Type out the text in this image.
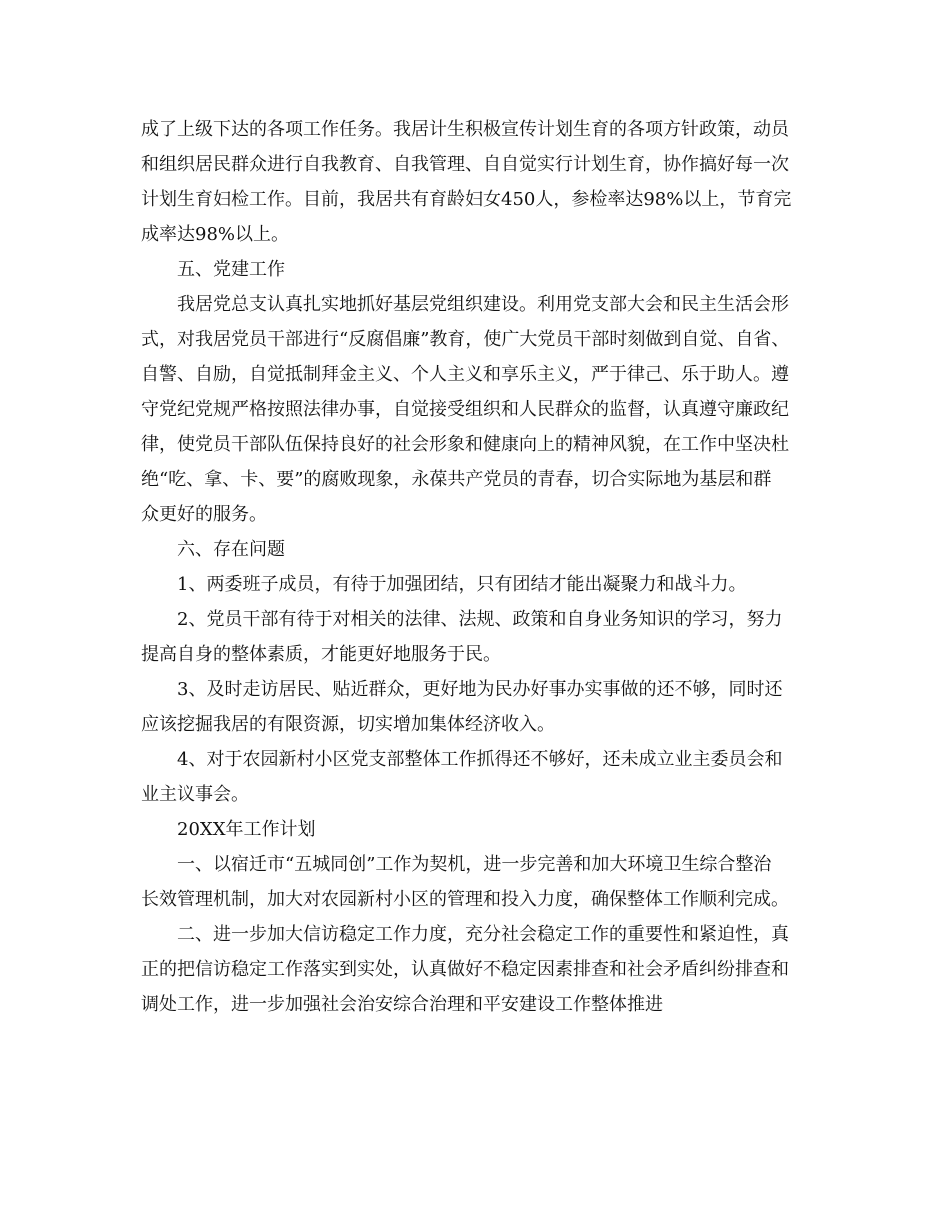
成了上级下达的各项工作任务。我居计生积极宣传计划生育的各项方针政策，动员
和组织居民群众进行自我教育、自我管理、自自觉实行计划生育，协作搞好每一次
计划生育妇检工作。目前，我居共有育龄妇女450人，参检率达98%以上，节育完
成率达98%以上。
五、党建工作
我居党总支认真扎实地抓好基层党组织建设。利用党支部大会和民主生活会形
式，对我居党员干部进行“反腐倡廉”教育，使广大党员干部时刻做到自觉、自省、
自警、自励，自觉抵制拜金主义、个人主义和享乐主义，严于律己、乐于助人。遵
守党纪党规严格按照法律办事，自觉接受组织和人民群众的监督，认真遵守廉政纪
律，使党员干部队伍保持良好的社会形象和健康向上的精神风貌，在工作中坚决杜
绝“吃、拿、卡、要”的腐败现象，永葆共产党员的青春，切合实际地为基层和群
众更好的服务。
六、存在问题
1、两委班子成员，有待于加强团结，只有团结才能出凝聚力和战斗力。
2、党员干部有待于对相关的法律、法规、政策和自身业务知识的学习，努力
提高自身的整体素质，才能更好地服务于民。
3、及时走访居民、贴近群众，更好地为民办好事办实事做的还不够，同时还
应该挖掘我居的有限资源，切实增加集体经济收入。
4、对于农园新村小区党支部整体工作抓得还不够好，还未成立业主委员会和
业主议事会。
20XX年工作计划
一、以宿迁市“五城同创”工作为契机，进一步完善和加大环境卫生综合整治
长效管理机制，加大对农园新村小区的管理和投入力度，确保整体工作顺利完成。
二、进一步加大信访稳定工作力度，充分社会稳定工作的重要性和紧迫性，真
正的把信访稳定工作落实到实处，认真做好不稳定因素排查和社会矛盾纠纷排查和
调处工作，进一步加强社会治安综合治理和平安建设工作整体推进
